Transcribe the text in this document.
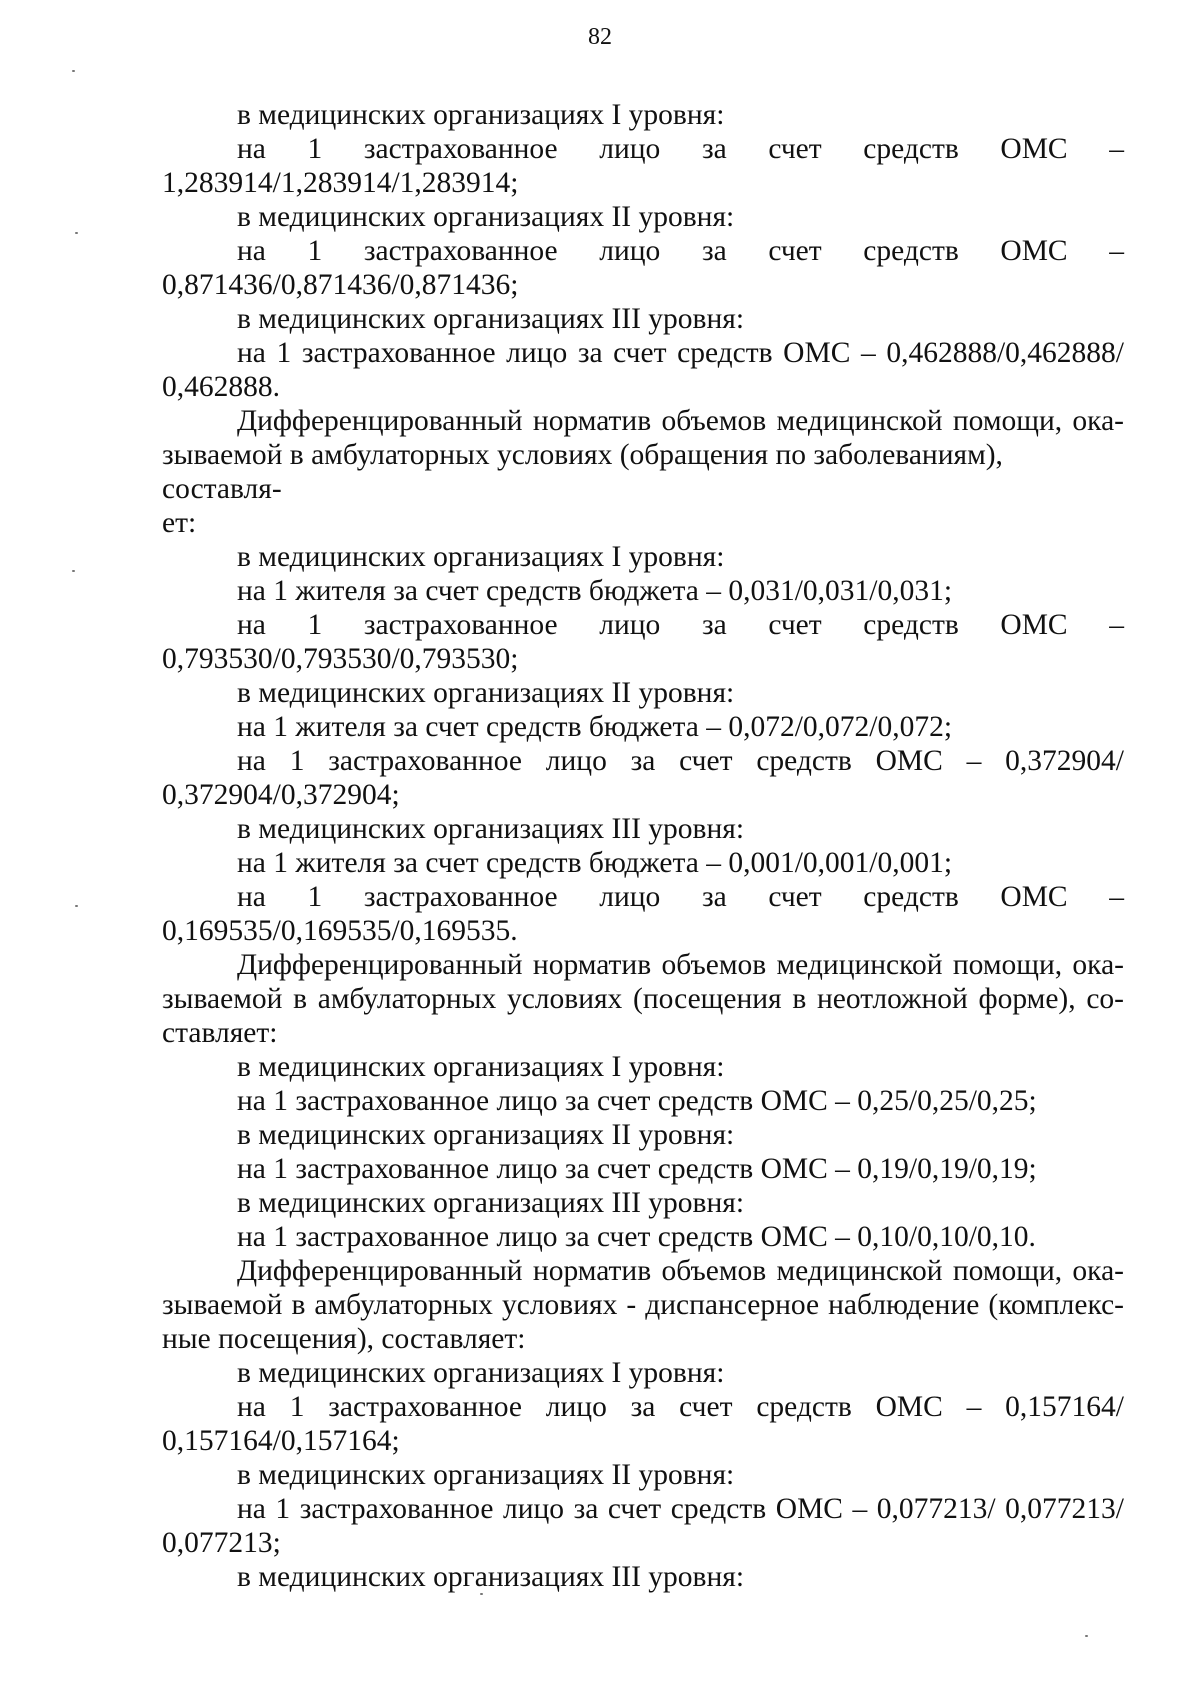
82
в медицинских организациях I уровня:
на 1 застрахованное лицо за счет средств ОМС –
1,283914/1,283914/1,283914;
в медицинских организациях II уровня:
на 1 застрахованное лицо за счет средств ОМС –
0,871436/0,871436/0,871436;
в медицинских организациях III уровня:
на 1 застрахованное лицо за счет средств ОМС – 0,462888/0,462888/
0,462888.
Дифференцированный норматив объемов медицинской помощи, ока-
зываемой в амбулаторных условиях (обращения по заболеваниям), составля-
ет:
в медицинских организациях I уровня:
на 1 жителя за счет средств бюджета – 0,031/0,031/0,031;
на 1 застрахованное лицо за счет средств ОМС –
0,793530/0,793530/0,793530;
в медицинских организациях II уровня:
на 1 жителя за счет средств бюджета – 0,072/0,072/0,072;
на 1 застрахованное лицо за счет средств ОМС – 0,372904/
0,372904/0,372904;
в медицинских организациях III уровня:
на 1 жителя за счет средств бюджета – 0,001/0,001/0,001;
на 1 застрахованное лицо за счет средств ОМС –
0,169535/0,169535/0,169535.
Дифференцированный норматив объемов медицинской помощи, ока-
зываемой в амбулаторных условиях (посещения в неотложной форме), со-
ставляет:
в медицинских организациях I уровня:
на 1 застрахованное лицо за счет средств ОМС – 0,25/0,25/0,25;
в медицинских организациях II уровня:
на 1 застрахованное лицо за счет средств ОМС – 0,19/0,19/0,19;
в медицинских организациях III уровня:
на 1 застрахованное лицо за счет средств ОМС – 0,10/0,10/0,10.
Дифференцированный норматив объемов медицинской помощи, ока-
зываемой в амбулаторных условиях - диспансерное наблюдение (комплекс-
ные посещения), составляет:
в медицинских организациях I уровня:
на 1 застрахованное лицо за счет средств ОМС – 0,157164/
0,157164/0,157164;
в медицинских организациях II уровня:
на 1 застрахованное лицо за счет средств ОМС – 0,077213/ 0,077213/
0,077213;
в медицинских организациях III уровня:
